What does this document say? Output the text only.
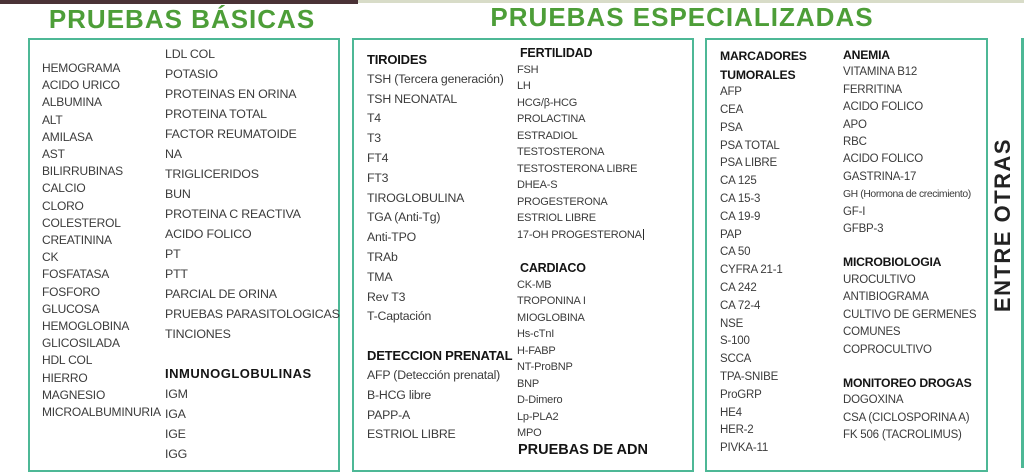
PRUEBAS BÁSICAS	PRUEBAS ESPECIALIZADAS
HEMOGRAMA
ACIDO URICO
ALBUMINA
ALT
AMILASA
AST
BILIRRUBINAS
CALCIO
CLORO
COLESTEROL
CREATININA
CK
FOSFATASA
FOSFORO
GLUCOSA
HEMOGLOBINA
GLICOSILADA
HDL COL
HIERRO
MAGNESIO
MICROALBUMINURIA
LDL COL
POTASIO
PROTEINAS EN ORINA
PROTEINA TOTAL
FACTOR REUMATOIDE
NA
TRIGLICERIDOS
BUN
PROTEINA C REACTIVA
ACIDO FOLICO
PT
PTT
PARCIAL DE ORINA
PRUEBAS PARASITOLOGICAS
TINCIONES
INMUNOGLOBULINAS
IGM
IGA
IGE
IGG
TIROIDES
TSH (Tercera generación)
TSH NEONATAL
T4
T3
FT4
FT3
TIROGLOBULINA
TGA (Anti-Tg)
Anti-TPO
TRAb
TMA
Rev T3
T-Captación
DETECCION PRENATAL
AFP (Detección prenatal)
B-HCG libre
PAPP-A
ESTRIOL LIBRE
FERTILIDAD
FSH
LH
HCG/β-HCG
PROLACTINA
ESTRADIOL
TESTOSTERONA
TESTOSTERONA LIBRE
DHEA-S
PROGESTERONA
ESTRIOL LIBRE
17-OH PROGESTERONA
CARDIACO
CK-MB
TROPONINA I
MIOGLOBINA
Hs-cTnI
H-FABP
NT-ProBNP
BNP
D-Dimero
Lp-PLA2
MPO
PRUEBAS DE ADN
MARCADORES
TUMORALES
AFP
CEA
PSA
PSA TOTAL
PSA LIBRE
CA 125
CA 15-3
CA 19-9
PAP
CA 50
CYFRA 21-1
CA 242
CA 72-4
NSE
S-100
SCCA
TPA-SNIBE
ProGRP
HE4
HER-2
PIVKA-11
ANEMIA
VITAMINA B12
FERRITINA
ACIDO FOLICO
APO
RBC
ACIDO FOLICO
GASTRINA-17
GH (Hormona de crecimiento)
GF-I
GFBP-3
MICROBIOLOGIA
UROCULTIVO
ANTIBIOGRAMA
CULTIVO DE GERMENES
COMUNES
COPROCULTIVO
MONITOREO DROGAS
DOGOXINA
CSA (CICLOSPORINA A)
FK 506 (TACROLIMUS)
ENTRE OTRAS
